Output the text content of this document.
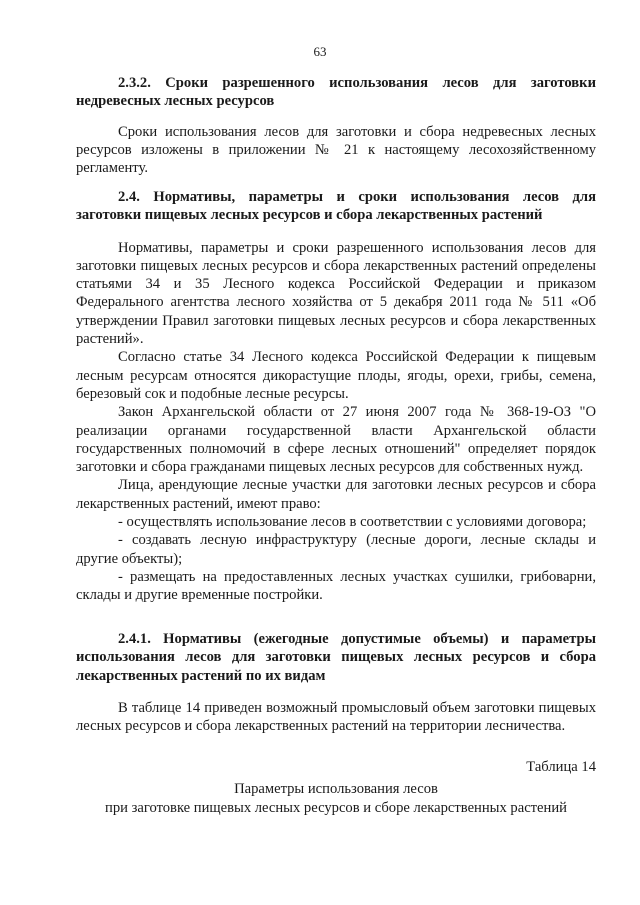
63

2.3.2. Сроки разрешенного использования лесов для заготовки недревесных лесных ресурсов

Сроки использования лесов для заготовки и сбора недревесных лесных ресурсов изложены в приложении № 21 к настоящему лесохозяйственному регламенту.

2.4. Нормативы, параметры и сроки использования лесов для заготовки пищевых лесных ресурсов и сбора лекарственных растений

Нормативы, параметры и сроки разрешенного использования лесов для заготовки пищевых лесных ресурсов и сбора лекарственных растений определены статьями 34 и 35 Лесного кодекса Российской Федерации и приказом Федерального агентства лесного хозяйства от 5 декабря 2011 года № 511 «Об утверждении Правил заготовки пищевых лесных ресурсов и сбора лекарственных растений».

Согласно статье 34 Лесного кодекса Российской Федерации к пищевым лесным ресурсам относятся дикорастущие плоды, ягоды, орехи, грибы, семена, березовый сок и подобные лесные ресурсы.

Закон Архангельской области от 27 июня 2007 года № 368-19-ОЗ "О реализации органами государственной власти Архангельской области государственных полномочий в сфере лесных отношений" определяет порядок заготовки и сбора гражданами пищевых лесных ресурсов для собственных нужд.

Лица, арендующие лесные участки для заготовки лесных ресурсов и сбора лекарственных растений, имеют право:

- осуществлять использование лесов в соответствии с условиями договора;

- создавать лесную инфраструктуру (лесные дороги, лесные склады и другие объекты);

- размещать на предоставленных лесных участках сушилки, грибоварни, склады и другие временные постройки.

2.4.1. Нормативы (ежегодные допустимые объемы) и параметры использования лесов для заготовки пищевых лесных ресурсов и сбора лекарственных растений по их видам

В таблице 14 приведен возможный промысловый объем заготовки пищевых лесных ресурсов и сбора лекарственных растений на территории лесничества.

Таблица 14

Параметры использования лесов

при заготовке пищевых лесных ресурсов и сборе лекарственных растений
